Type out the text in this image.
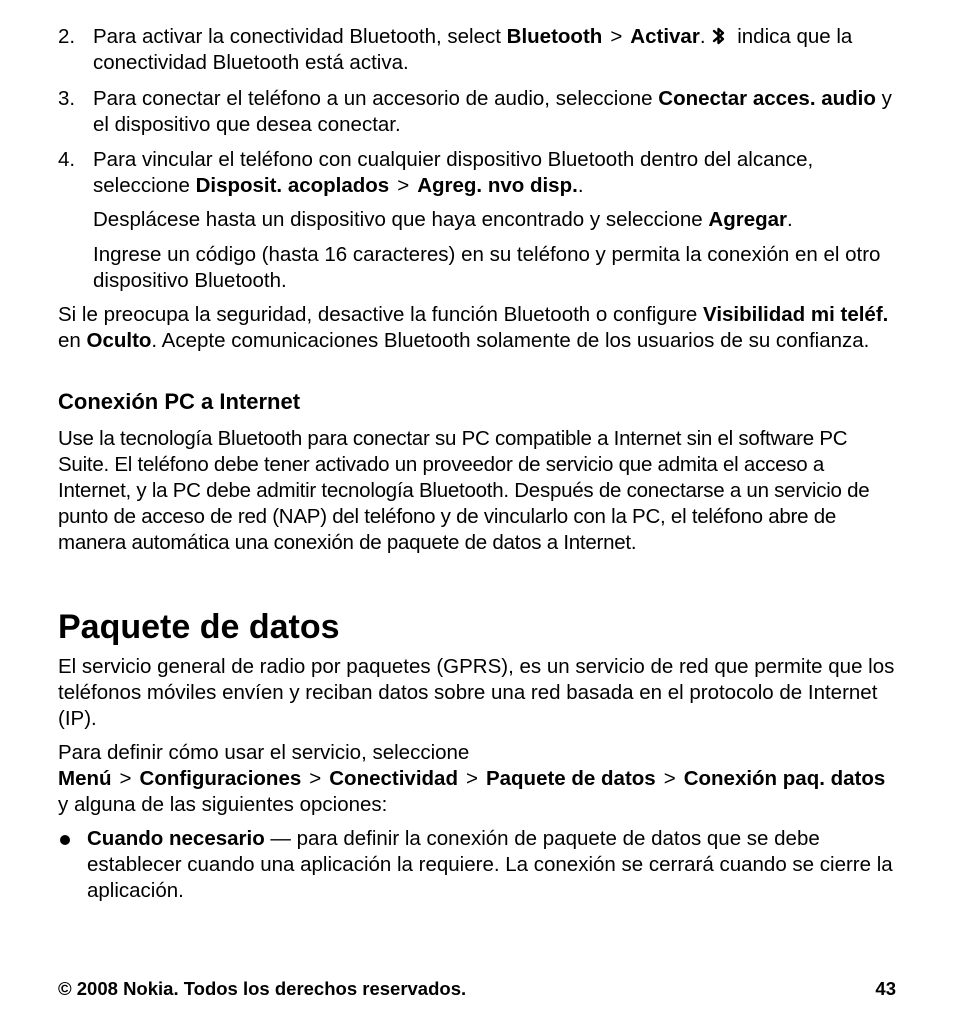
2. Para activar la conectividad Bluetooth, select Bluetooth > Activar. indica que la conectividad Bluetooth está activa.
3. Para conectar el teléfono a un accesorio de audio, seleccione Conectar acces. audio y el dispositivo que desea conectar.
4. Para vincular el teléfono con cualquier dispositivo Bluetooth dentro del alcance, seleccione Disposit. acoplados > Agreg. nvo disp..
Desplácese hasta un dispositivo que haya encontrado y seleccione Agregar.
Ingrese un código (hasta 16 caracteres) en su teléfono y permita la conexión en el otro dispositivo Bluetooth.
Si le preocupa la seguridad, desactive la función Bluetooth o configure Visibilidad mi teléf. en Oculto. Acepte comunicaciones Bluetooth solamente de los usuarios de su confianza.
Conexión PC a Internet
Use la tecnología Bluetooth para conectar su PC compatible a Internet sin el software PC Suite. El teléfono debe tener activado un proveedor de servicio que admita el acceso a Internet, y la PC debe admitir tecnología Bluetooth. Después de conectarse a un servicio de punto de acceso de red (NAP) del teléfono y de vincularlo con la PC, el teléfono abre de manera automática una conexión de paquete de datos a Internet.
Paquete de datos
El servicio general de radio por paquetes (GPRS), es un servicio de red que permite que los teléfonos móviles envíen y reciban datos sobre una red basada en el protocolo de Internet (IP).
Para definir cómo usar el servicio, seleccione Menú > Configuraciones > Conectividad > Paquete de datos > Conexión paq. datos y alguna de las siguientes opciones:
Cuando necesario — para definir la conexión de paquete de datos que se debe establecer cuando una aplicación la requiere. La conexión se cerrará cuando se cierre la aplicación.
© 2008 Nokia. Todos los derechos reservados.	43
